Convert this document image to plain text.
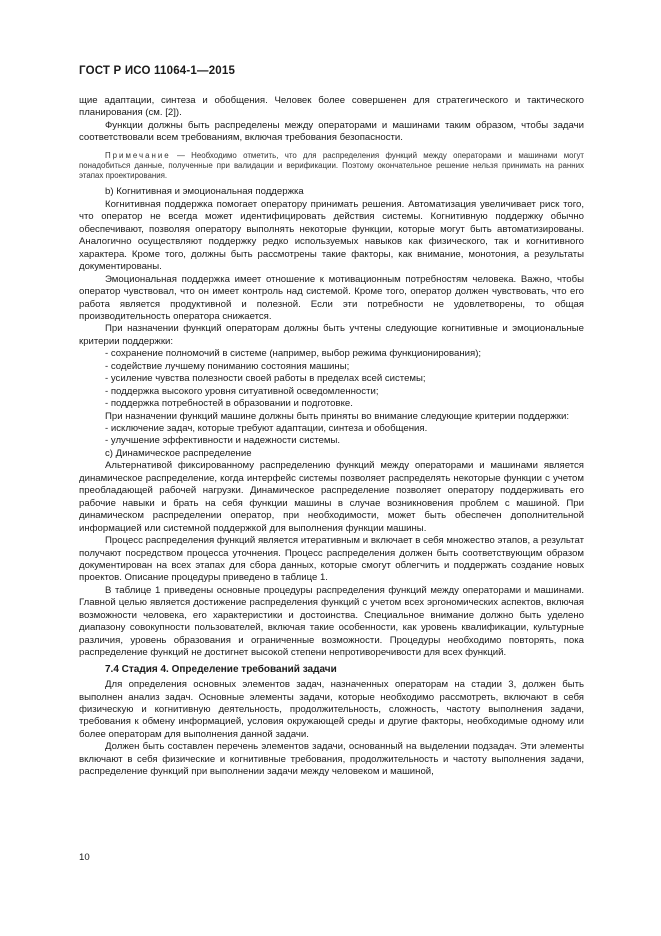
ГОСТ Р ИСО 11064-1—2015

щие адаптации, синтеза и обобщения. Человек более совершенен для стратегического и тактического планирования (см. [2]).

Функции должны быть распределены между операторами и машинами таким образом, чтобы задачи соответствовали всем требованиям, включая требования безопасности.

Примечание — Необходимо отметить, что для распределения функций между операторами и машинами могут понадобиться данные, полученные при валидации и верификации. Поэтому окончательное решение нельзя принимать на ранних этапах проектирования.

b) Когнитивная и эмоциональная поддержка

Когнитивная поддержка помогает оператору принимать решения. Автоматизация увеличивает риск того, что оператор не всегда может идентифицировать действия системы. Когнитивную поддержку обычно обеспечивают, позволяя оператору выполнять некоторые функции, которые могут быть автоматизированы. Аналогично осуществляют поддержку редко используемых навыков как физического, так и когнитивного характера. Кроме того, должны быть рассмотрены такие факторы, как внимание, монотония, а результаты документированы.

Эмоциональная поддержка имеет отношение к мотивационным потребностям человека. Важно, чтобы оператор чувствовал, что он имеет контроль над системой. Кроме того, оператор должен чувствовать, что его работа является продуктивной и полезной. Если эти потребности не удовлетворены, то общая производительность оператора снижается.

При назначении функций операторам должны быть учтены следующие когнитивные и эмоциональные критерии поддержки:

- сохранение полномочий в системе (например, выбор режима функционирования);

- содействие лучшему пониманию состояния машины;

- усиление чувства полезности своей работы в пределах всей системы;

- поддержка высокого уровня ситуативной осведомленности;

- поддержка потребностей в образовании и подготовке.

При назначении функций машине должны быть приняты во внимание следующие критерии поддержки:

- исключение задач, которые требуют адаптации, синтеза и обобщения.

- улучшение эффективности и надежности системы.

c) Динамическое распределение

Альтернативой фиксированному распределению функций между операторами и машинами является динамическое распределение, когда интерфейс системы позволяет распределять некоторые функции с учетом преобладающей рабочей нагрузки. Динамическое распределение позволяет оператору поддерживать его рабочие навыки и брать на себя функции машины в случае возникновения проблем с машиной. При динамическом распределении оператор, при необходимости, может быть обеспечен дополнительной информацией или системной поддержкой для выполнения функции машины.

Процесс распределения функций является итеративным и включает в себя множество этапов, а результат получают посредством процесса уточнения. Процесс распределения должен быть соответствующим образом документирован на всех этапах для сбора данных, которые смогут облегчить и поддержать создание новых проектов. Описание процедуры приведено в таблице 1.

В таблице 1 приведены основные процедуры распределения функций между операторами и машинами. Главной целью является достижение распределения функций с учетом всех эргономических аспектов, включая возможности человека, его характеристики и достоинства. Специальное внимание должно быть уделено диапазону совокупности пользователей, включая такие особенности, как уровень квалификации, культурные различия, уровень образования и ограниченные возможности. Процедуры необходимо повторять, пока распределение функций не достигнет высокой степени непротиворечивости для всех функций.

7.4 Стадия 4. Определение требований задачи

Для определения основных элементов задач, назначенных операторам на стадии 3, должен быть выполнен анализ задач. Основные элементы задачи, которые необходимо рассмотреть, включают в себя физическую и когнитивную деятельность, продолжительность, сложность, частоту выполнения задачи, требования к обмену информацией, условия окружающей среды и другие факторы, необходимые одному или более операторам для выполнения данной задачи.

Должен быть составлен перечень элементов задачи, основанный на выделении подзадач. Эти элементы включают в себя физические и когнитивные требования, продолжительность и частоту выполнения задачи, распределение функций при выполнении задачи между человеком и машиной,

10
